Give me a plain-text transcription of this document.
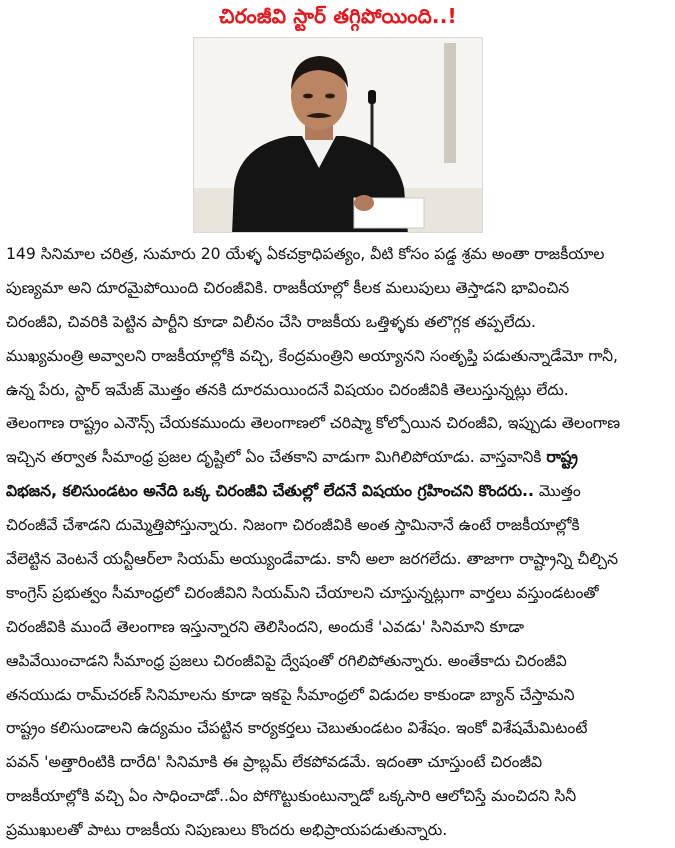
చిరంజీవి స్టార్ తగ్గిపోయింది..!
149 సినిమాల చరిత్ర, సుమారు 20 యేళ్ళ ఏకచక్రాధిపత్యం, వీటి కోసం పడ్డ శ్రమ అంతా రాజకీయాల
పుణ్యమా అని దూరమైపోయింది చిరంజీవికి. రాజకీయాల్లో కీలక మలుపులు తెస్తాడని భావించిన
చిరంజీవి, చివరికి పెట్టిన పార్టీని కూడా విలీనం చేసి రాజకీయ ఒత్తిళ్ళకు తలొగ్గక తప్పలేదు.
ముఖ్యమంత్రి అవ్వాలని రాజకీయాల్లోకి వచ్చి, కేంద్రమంత్రిని అయ్యానని సంతృప్తి పడుతున్నాడేమో గానీ,
ఉన్న పేరు, స్టార్ ఇమేజ్ మొత్తం తనకి దూరమయిందనే విషయం చిరంజీవికి తెలుస్తున్నట్లు లేదు.
తెలంగాణ రాష్ట్రం ఎనౌన్స్ చేయకముందు తెలంగాణలో చరిష్మా కోల్పోయిన చిరంజీవి, ఇప్పుడు తెలంగాణ
ఇచ్చిన తర్వాత సీమాంధ్ర ప్రజల దృష్టిలో ఏం చేతకాని వాడుగా మిగిలిపోయాడు. వాస్తవానికి రాష్ట్ర
విభజన, కలిసుండటం అనేది ఒక్క చిరంజీవి చేతుల్లో లేదనే విషయం గ్రహించని కొందరు.. మొత్తం
చిరంజీవే చేశాడని దుమ్మెత్తిపోస్తున్నారు. నిజంగా చిరంజీవికి అంత స్తామినానే ఉంటే రాజకీయాల్లోకి
వేలెట్టిన వెంటనే యన్టీఆర్‌లా సియమ్ అయ్యుండేవాడు. కానీ అలా జరగలేదు. తాజాగా రాష్ట్రాన్ని చీల్చిన
కాంగ్రెస్ ప్రభుత్వం సీమాంధ్రలో చిరంజీవిని సియమ్‌ని చేయాలని చూస్తున్నట్లుగా వార్తలు వస్తుండటంతో
చిరంజీవికి ముందే తెలంగాణ ఇస్తున్నారని తెలిసిందని, అందుకే 'ఎవడు' సినిమాని కూడా
ఆపివేయించాడని సీమాంధ్ర ప్రజలు చిరంజీవిపై ద్వేషంతో రగిలిపోతున్నారు. అంతేకాదు చిరంజీవి
తనయుడు రామ్‌చరణ్ సినిమాలను కూడా ఇకపై సీమాంధ్రలో విడుదల కాకుండా బ్యాన్ చేస్తామని
రాష్ట్రం కలిసుండాలని ఉద్యమం చేపట్టిన కార్యకర్తలు చెబుతుండటం విశేషం. ఇంకో విశేషమేమిటంటే
పవన్ 'అత్తారింటికి దారేది' సినిమాకి ఈ ప్రాబ్లమ్ లేకపోవడమే. ఇదంతా చూస్తుంటే చిరంజీవి
రాజకీయాల్లోకి వచ్చి ఏం సాధించాడో..ఏం పోగొట్టుకుంటున్నాడో ఒక్కసారి ఆలోచిస్తే మంచిదని సినీ
ప్రముఖులతో పాటు రాజకీయ నిపుణులు కొందరు అభిప్రాయపడుతున్నారు.
